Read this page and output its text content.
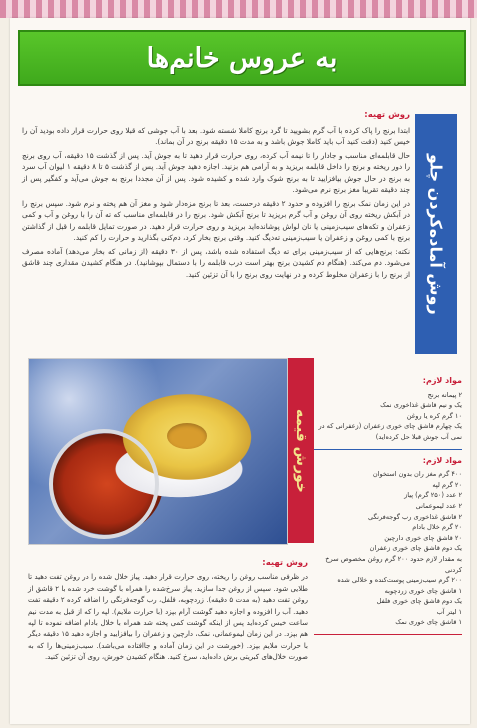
به عروس خانم‌ها
روش آماده‌کردن چلو
روش تهیه:

ابتدا برنج را پاک کرده با آب گرم بشویید تا گرد برنج کاملا شسته شود. بعد با آب جوشی که قبلا روی حرارت قرار داده بودید آن را خیس کنید (دقت کنید آب باید کاملا جوش باشد و به مدت ۱۵ دقیقه برنج در آن بماند).

حال قابلمه‌ای مناسب و جادار را تا نیمه آب کرده، روی حرارت قرار دهید تا به جوش آید. پس از گذشت ۱۵ دقیقه، آب روی برنج را دور ریخته و برنج را داخل قابلمه بریزید و به آرامی هم بزنید. اجازه دهید جوش آید. پس از گذشت ۵ تا ۸ دقیقه ۱ لیوان آب سرد به برنج در حال جوش بیافزایید تا به برنج شوک وارد شده و کشیده شود. پس از آن مجددا برنج به جوش می‌آید و کفگیر پس از چند دقیقه تقریبا مغز برنج نرم می‌شود.

در این زمان نمک برنج را افزوده و حدود ۲ دقیقه درحست، بعد تا برنج مزه‌دار شود و مغز آن هم پخته و نرم شود. سپس برنج را در آبکش ریخته روی آن روغن و آب گرم بریزید تا برنج آبکش شود. برنج را در قابلمه‌ای مناسب که ته آن را با روغن و آب و کمی زعفران و تکه‌های سیب‌زمینی یا نان لواش پوشانده‌اید بریزید و روی حرارت قرار دهید. در صورت تمایل قابلمه را قبل از گذاشتن برنج با کمی روغن و زعفران یا سیب‌زمینی ته‌دیگ کنید. وقتی برنج بخار کرد، دم‌کنی بگذارید و حرارت را کم کنید.

نکته: برنج‌هایی که از سیب‌زمینی برای ته دیگ استفاده شده باشد، پس از ۳۰ دقیقه (از زمانی که بخار می‌دهد) آماده مصرف می‌شود. دم می‌کند. (هنگام دم کشیدن برنج بهتر است درب قابلمه را با دستمال بپوشانید). در هنگام کشیدن مقداری چند قاشق از برنج را با زعفران مخلوط کرده و در نهایت روی برنج را با آن تزئین کنید.

خورش قیمه
مواد لازم:
۲ پیمانه برنج
یک و نیم قاشق غذاخوری نمک
۱۰ گرم کره یا روغن
یک چهارم قاشق چای خوری زعفران (زعفرانی که در نمی آب جوش قبلا حل کرده‌اید)
مواد لازم:
۴۰۰ گرم مغز ران بدون استخوان
۲۰ گرم لپه
۲ عدد (۲۵۰ گرم) پیاز
۲ عدد لیموعمانی
۲ قاشق غذاخوری رب گوجه‌فرنگی
۲۰ گرم خلال بادام
۲۰ قاشق چای خوری دارچین
یک دوم قاشق چای خوری زعفران
به مقدار لازم حدود ۲۰۰ گرم روغن مخصوص سرخ کردنی
۲۰۰ گرم سیب‌زمینی پوست‌کنده و خلالی شده
۱ قاشق چای خوری زردچوبه
یک دوم قاشق چای خوری فلفل
۱ لیتر آب
۱ قاشق چای خوری نمک
روش تهیه:

در ظرفی مناسب روغن را ریخته، روی حرارت قرار دهید. پیاز خلال شده را در روغن تفت دهید تا طلایی شود. سپس از روغن جدا سازید. پیاز سرخ‌شده را همراه با گوشت خرد شده با ۲ قاشق از روغن تفت دهید (به مدت ۵ دقیقه). زردچوبه، فلفل، رب گوجه‌فرنگی را اضافه کرده ۲ دقیقه تفت دهید. آب را افزوده و اجازه دهید گوشت آرام بپزد (با حرارت ملایم). لپه را که از قبل به مدت نیم ساعت خیس کرده‌اید پس از اینکه گوشت کمی پخته شد همراه با خلال بادام اضافه نموده تا لپه هم بپزد. در این زمان لیموعمانی، نمک، دارچین و زعفران را بیافزایید و اجازه دهید ۱۵ دقیقه دیگر با حرارت ملایم بپزد. (خورشت در این زمان آماده و جاافتاده می‌باشد). سیب‌زمینی‌ها را که به صورت خلال‌های کبریتی برش داده‌اید، سرخ کنید. هنگام کشیدن خورش، روی آن تزئین کنید.
